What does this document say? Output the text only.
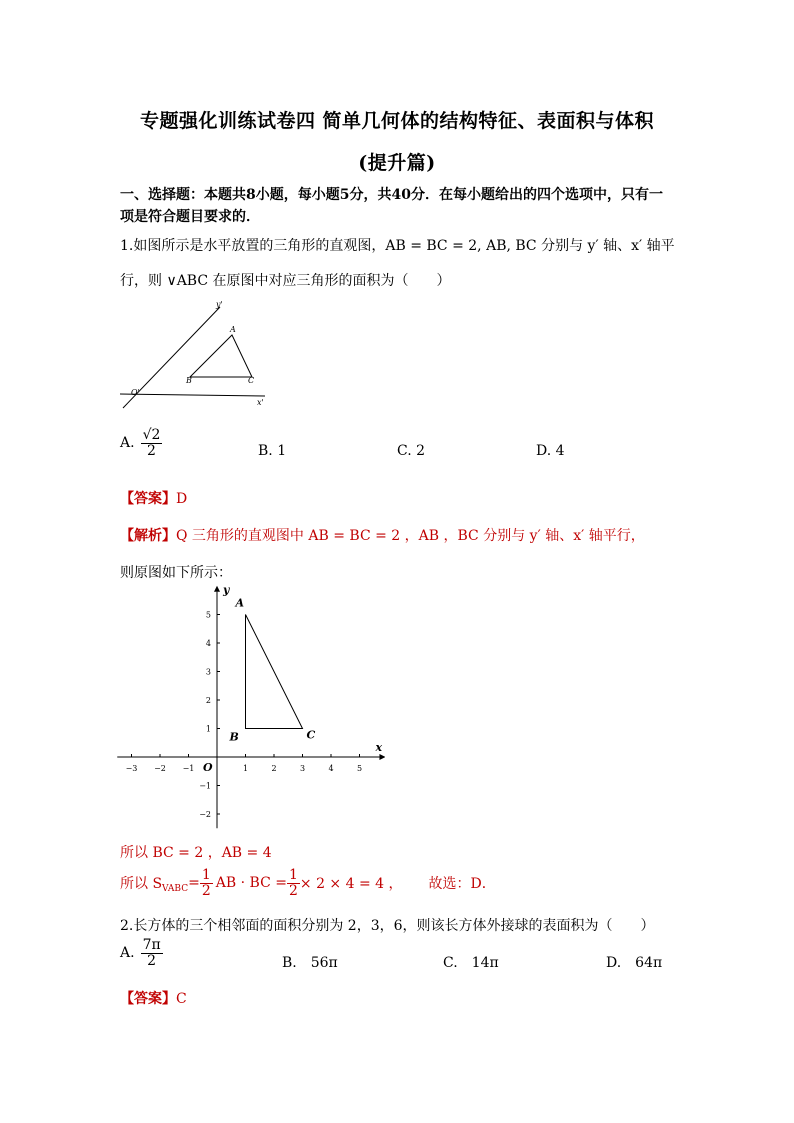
专题强化训练试卷四 简单几何体的结构特征、表面积与体积
(提升篇)
一、选择题：本题共8小题，每小题5分，共40分．在每小题给出的四个选项中，只有一
项是符合题目要求的．
1.如图所示是水平放置的三角形的直观图，AB = BC = 2, AB, BC 分别与 y′ 轴、x′ 轴平
行，则 ∨ABC 在原图中对应三角形的面积为（　　）
y'
x'
O'
A
B	C
A. $\frac{√2}{2}$	B. 1	C. 2	D. 4
【答案】D
【解析】Q 三角形的直观图中 AB = BC = 2 ，AB ，BC 分别与 y′ 轴、x′ 轴平行，
则原图如下所示：
−3 −2 −1	1	2	3	4	5
−2
−1
1
2
3
4
5
x
y
O
A
B	C
所以 BC = 2 ，AB = 4
所以 S VABC = $\frac{1}{2}$ AB · BC = $\frac{1}{2} \times 2 \times 4 = 4$ ， 故选：D．
2.长方体的三个相邻面的面积分别为 2，3，6，则该长方体外接球的表面积为（　　）
A. $\frac{7\pi}{2}$	B.　56π	C.　14π	D.　64π
【答案】C
